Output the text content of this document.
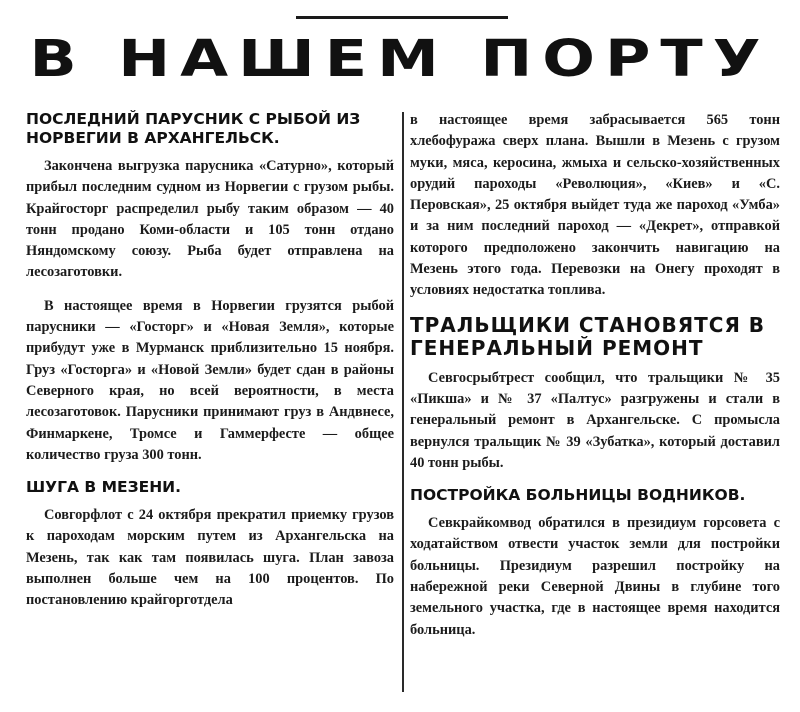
В НАШЕМ ПОРТУ
ПОСЛЕДНИЙ ПАРУСНИК С РЫБОЙ ИЗ НОРВЕГИИ В АРХАНГЕЛЬСК.

Закончена выгрузка парусника «Сатурно», который прибыл последним судном из Норвегии с грузом рыбы. Крайгосторг распределил рыбу таким образом — 40 тонн продано Коми-области и 105 тонн отдано Няндомскому союзу. Рыба будет отправлена на лесозаготовки.

В настоящее время в Норвегии грузятся рыбой парусники — «Госторг» и «Новая Земля», которые прибудут уже в Мурманск приблизительно 15 ноября. Груз «Госторга» и «Новой Земли» будет сдан в районы Северного края, но всей вероятности, в места лесозаготовок. Парусники принимают груз в Андвнесе, Финмаркене, Тромсе и Гаммерфесте — общее количество груза 300 тонн.

ШУГА В МЕЗЕНИ.

Совгорфлот с 24 октября прекратил приемку грузов к пароходам морским путем из Архангельска на Мезень, так как там появилась шуга. План завоза выполнен больше чем на 100 процентов. По постановлению крайгорготдела

в настоящее время забрасывается 565 тонн хлебофуража сверх плана. Вышли в Мезень с грузом муки, мяса, керосина, жмыха и сельско-хозяйственных орудий пароходы «Революция», «Киев» и «С. Перовская», 25 октября выйдет туда же пароход «Умба» и за ним последний пароход — «Декрет», отправкой которого предположено закончить навигацию на Мезень этого года. Перевозки на Онегу проходят в условиях недостатка топлива.

ТРАЛЬЩИКИ СТАНОВЯТСЯ В ГЕНЕРАЛЬНЫЙ РЕМОНТ

Севгосрыбтрест сообщил, что тральщики № 35 «Пикша» и № 37 «Палтус» разгружены и стали в генеральный ремонт в Архангельске. С промысла вернулся тральщик № 39 «Зубатка», который доставил 40 тонн рыбы.

ПОСТРОЙКА БОЛЬНИЦЫ ВОДНИКОВ.

Севкрайкомвод обратился в президиум горсовета с ходатайством отвести участок земли для постройки больницы. Президиум разрешил постройку на набережной реки Северной Двины в глубине того земельного участка, где в настоящее время находится больница.
